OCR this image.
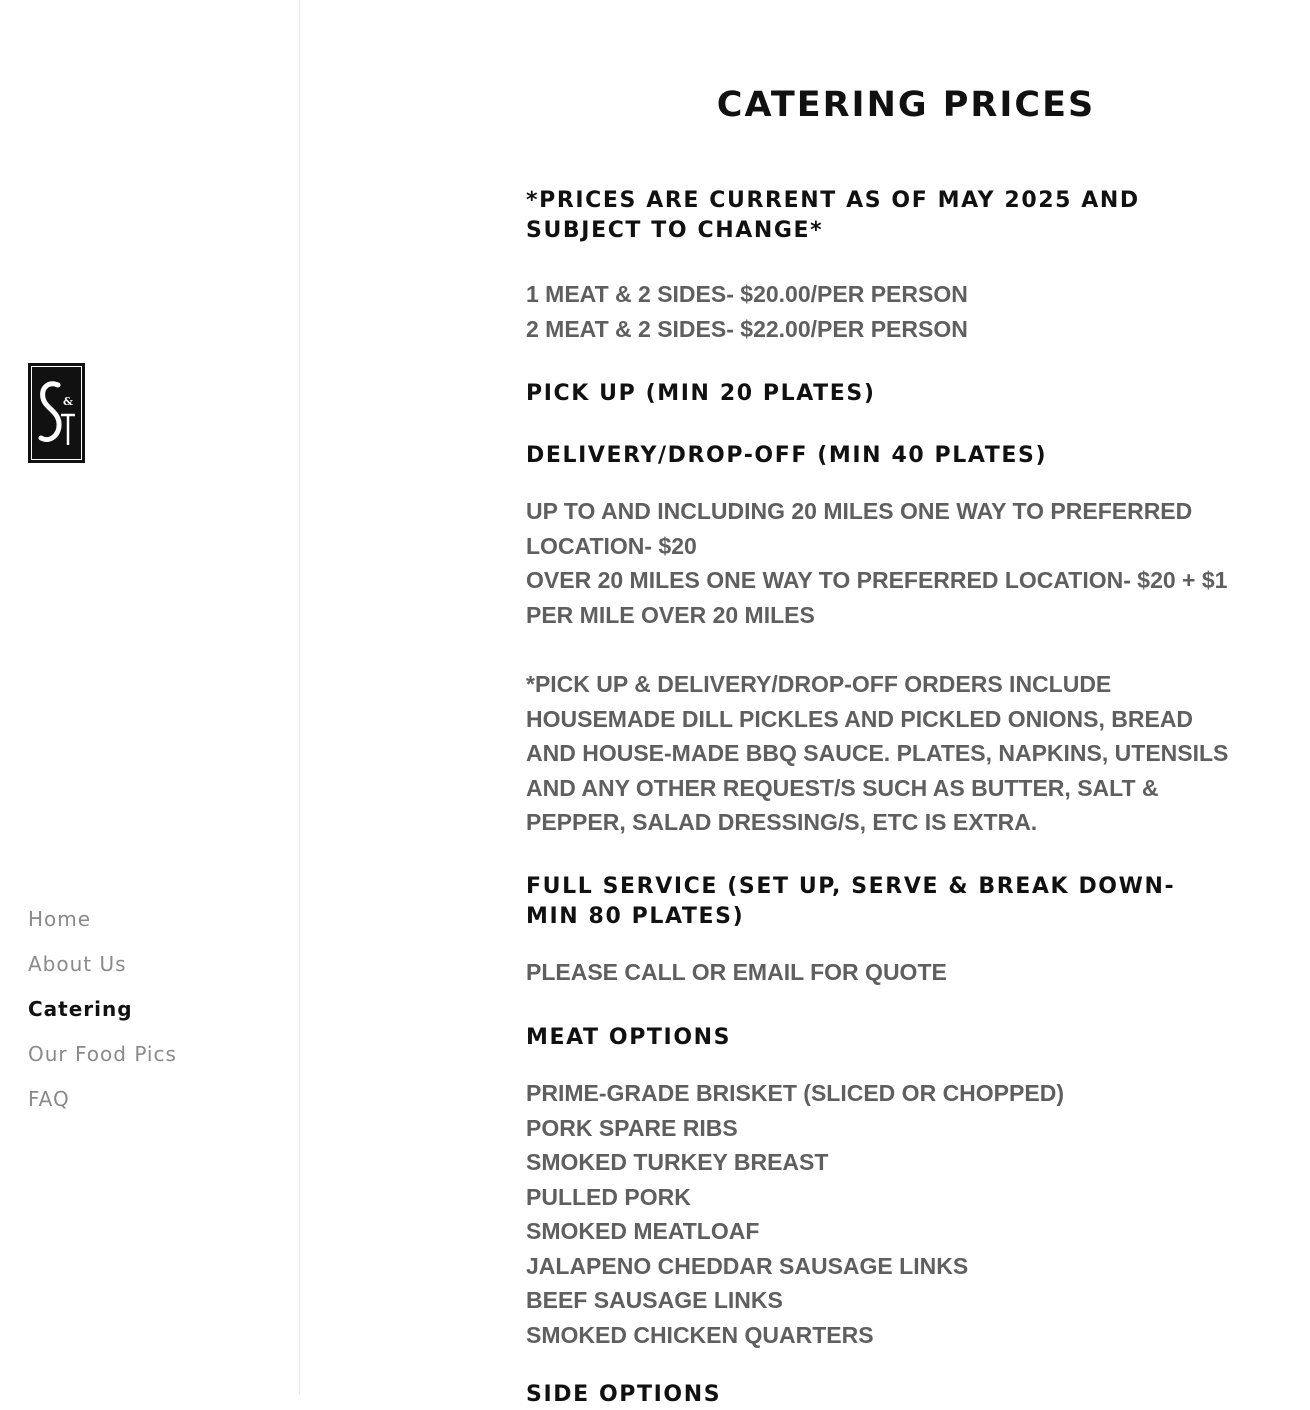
&
Home
About Us
Catering
Our Food Pics
FAQ
CATERING PRICES
*PRICES ARE CURRENT AS OF MAY 2025 AND
SUBJECT TO CHANGE*
1 MEAT & 2 SIDES- $20.00/PER PERSON
2 MEAT & 2 SIDES- $22.00/PER PERSON
PICK UP (MIN 20 PLATES)
DELIVERY/DROP-OFF (MIN 40 PLATES)
UP TO AND INCLUDING 20 MILES ONE WAY TO PREFERRED
LOCATION- $20
OVER 20 MILES ONE WAY TO PREFERRED LOCATION- $20 + $1
PER MILE OVER 20 MILES
*PICK UP & DELIVERY/DROP-OFF ORDERS INCLUDE
HOUSEMADE DILL PICKLES AND PICKLED ONIONS, BREAD
AND HOUSE-MADE BBQ SAUCE. PLATES, NAPKINS, UTENSILS
AND ANY OTHER REQUEST/S SUCH AS BUTTER, SALT &
PEPPER, SALAD DRESSING/S, ETC IS EXTRA.
FULL SERVICE (SET UP, SERVE & BREAK DOWN-
MIN 80 PLATES)
PLEASE CALL OR EMAIL FOR QUOTE
MEAT OPTIONS
PRIME-GRADE BRISKET (SLICED OR CHOPPED)
PORK SPARE RIBS
SMOKED TURKEY BREAST
PULLED PORK
SMOKED MEATLOAF
JALAPENO CHEDDAR SAUSAGE LINKS
BEEF SAUSAGE LINKS
SMOKED CHICKEN QUARTERS
SIDE OPTIONS
